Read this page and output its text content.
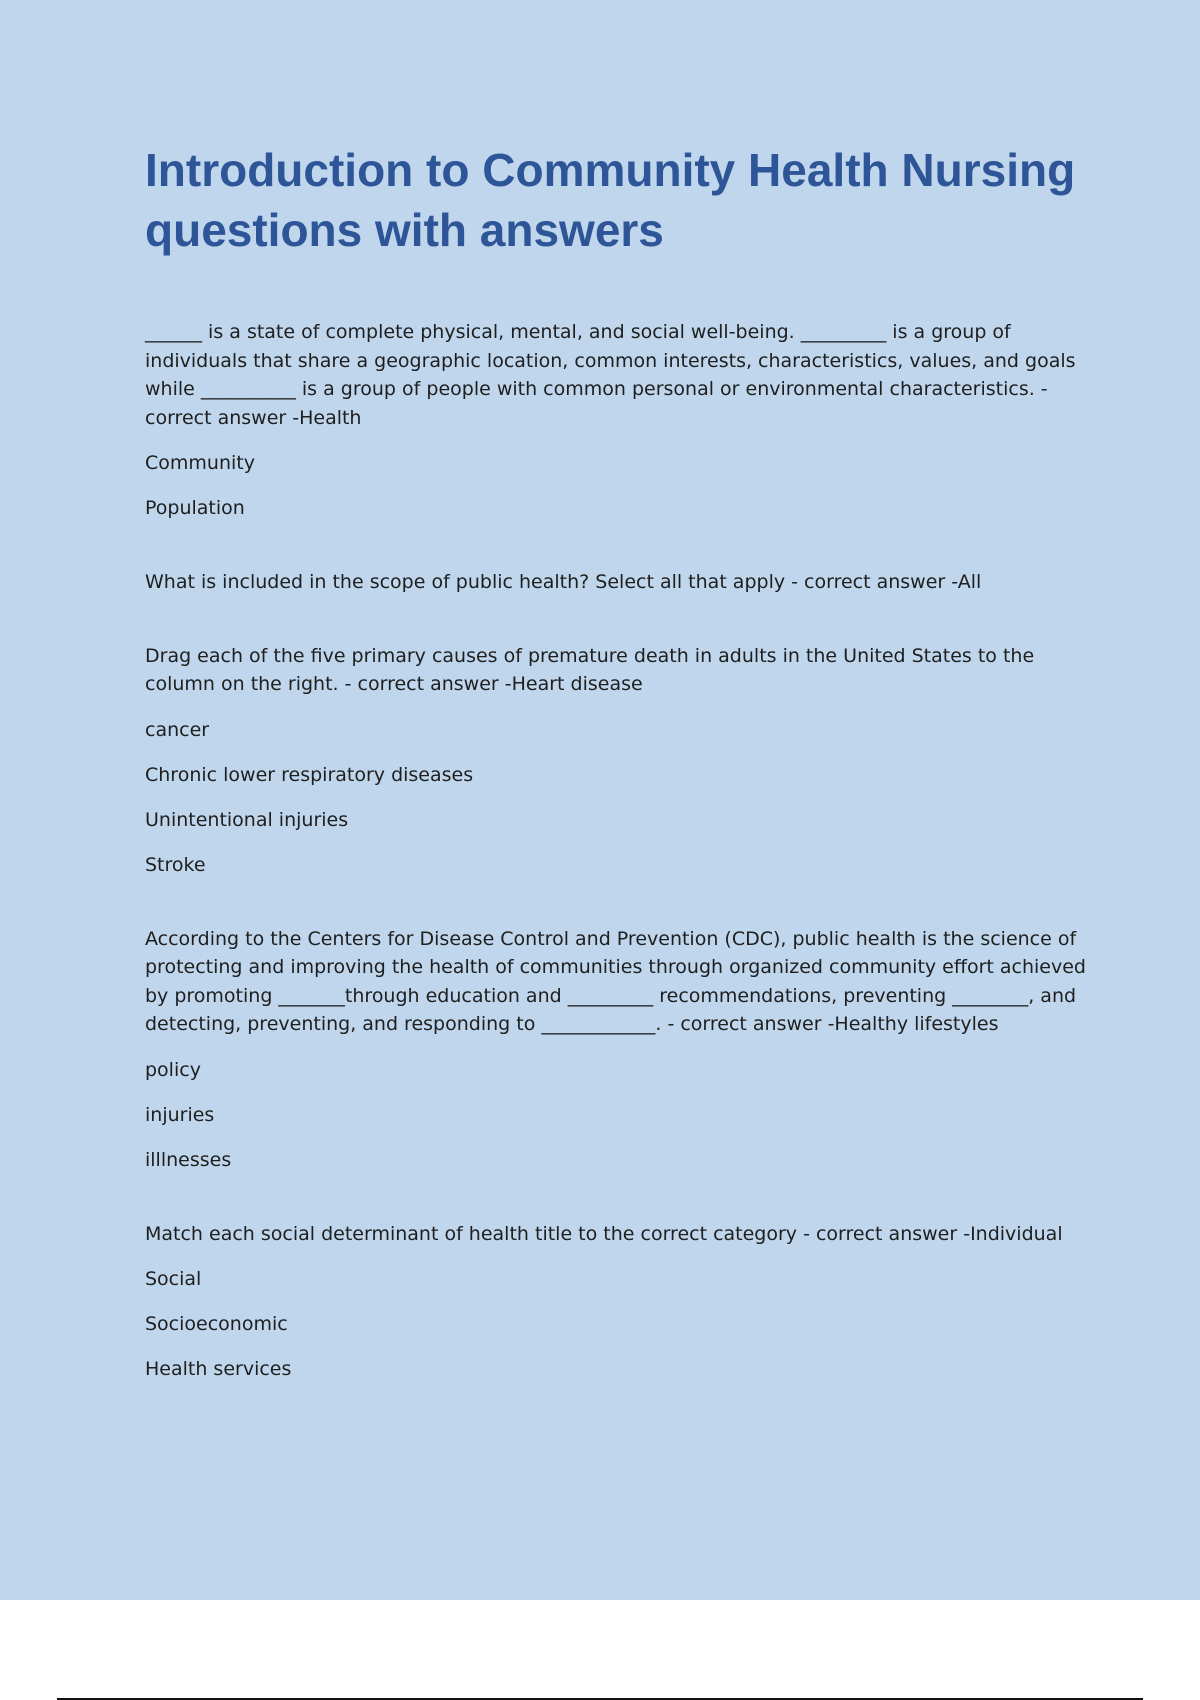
Introduction to Community Health Nursing questions with answers

______ is a state of complete physical, mental, and social well-being. _________ is a group of individuals that share a geographic location, common interests, characteristics, values, and goals while __________ is a group of people with common personal or environmental characteristics. - correct answer -Health

Community

Population

What is included in the scope of public health? Select all that apply - correct answer -All

Drag each of the five primary causes of premature death in adults in the United States to the column on the right. - correct answer -Heart disease

cancer

Chronic lower respiratory diseases

Unintentional injuries

Stroke

According to the Centers for Disease Control and Prevention (CDC), public health is the science of protecting and improving the health of communities through organized community effort achieved by promoting _______through education and _________ recommendations, preventing ________, and detecting, preventing, and responding to ____________. - correct answer -Healthy lifestyles

policy

injuries

illlnesses

Match each social determinant of health title to the correct category - correct answer -Individual

Social

Socioeconomic

Health services
